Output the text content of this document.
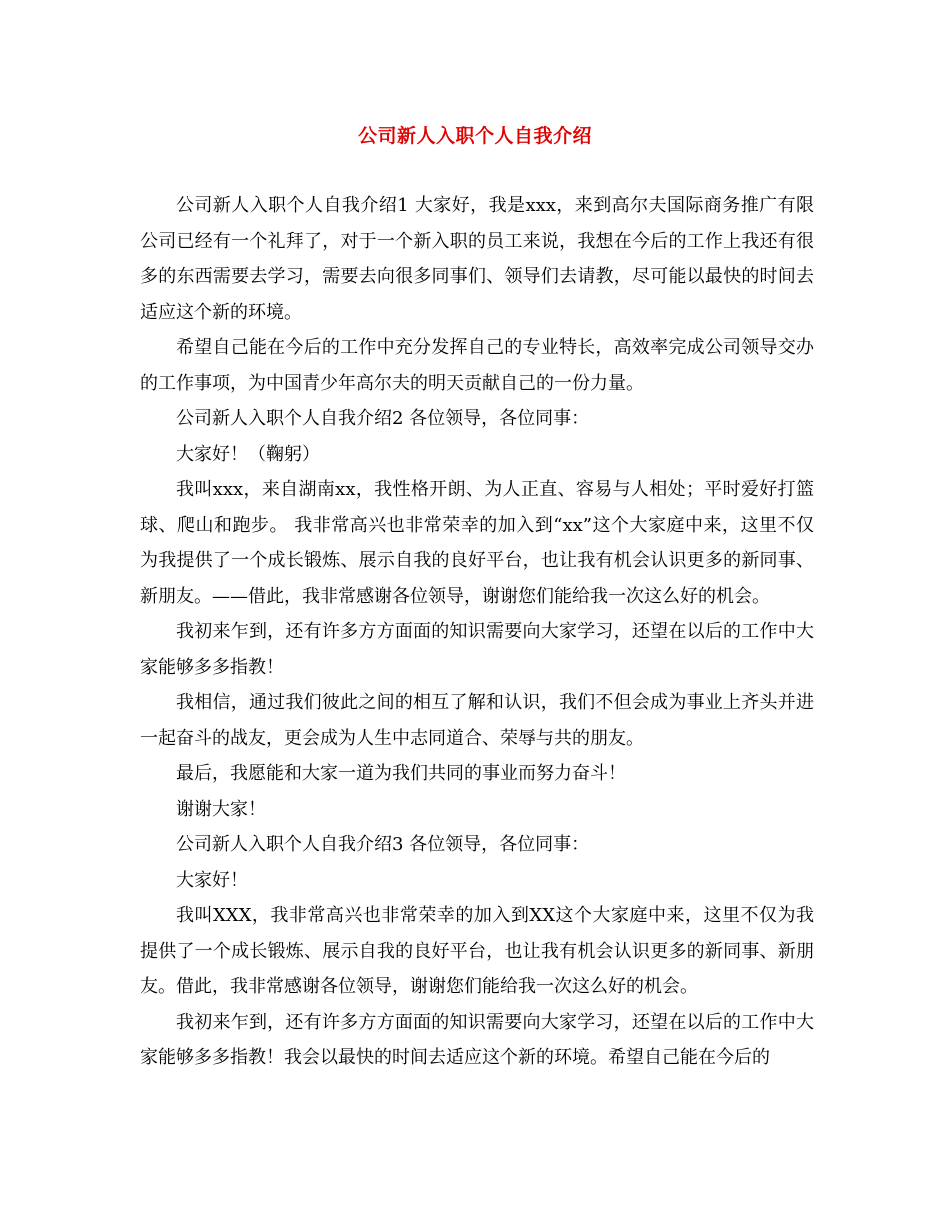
公司新人入职个人自我介绍

公司新人入职个人自我介绍1 大家好，我是xxx，来到高尔夫国际商务推广有限公司已经有一个礼拜了，对于一个新入职的员工来说，我想在今后的工作上我还有很多的东西需要去学习，需要去向很多同事们、领导们去请教，尽可能以最快的时间去适应这个新的环境。

希望自己能在今后的工作中充分发挥自己的专业特长，高效率完成公司领导交办的工作事项，为中国青少年高尔夫的明天贡献自己的一份力量。

公司新人入职个人自我介绍2 各位领导，各位同事：

大家好！（鞠躬）

我叫xxx，来自湖南xx，我性格开朗、为人正直、容易与人相处；平时爱好打篮球、爬山和跑步。 我非常高兴也非常荣幸的加入到“xx”这个大家庭中来，这里不仅为我提供了一个成长锻炼、展示自我的良好平台，也让我有机会认识更多的新同事、新朋友。——借此，我非常感谢各位领导，谢谢您们能给我一次这么好的机会。

我初来乍到，还有许多方方面面的知识需要向大家学习，还望在以后的工作中大家能够多多指教！

我相信，通过我们彼此之间的相互了解和认识，我们不但会成为事业上齐头并进一起奋斗的战友，更会成为人生中志同道合、荣辱与共的朋友。

最后，我愿能和大家一道为我们共同的事业而努力奋斗！

谢谢大家！

公司新人入职个人自我介绍3 各位领导，各位同事：

大家好！

我叫XXX，我非常高兴也非常荣幸的加入到XX这个大家庭中来，这里不仅为我提供了一个成长锻炼、展示自我的良好平台，也让我有机会认识更多的新同事、新朋友。借此，我非常感谢各位领导，谢谢您们能给我一次这么好的机会。

我初来乍到，还有许多方方面面的知识需要向大家学习，还望在以后的工作中大家能够多多指教！我会以最快的时间去适应这个新的环境。希望自己能在今后的
